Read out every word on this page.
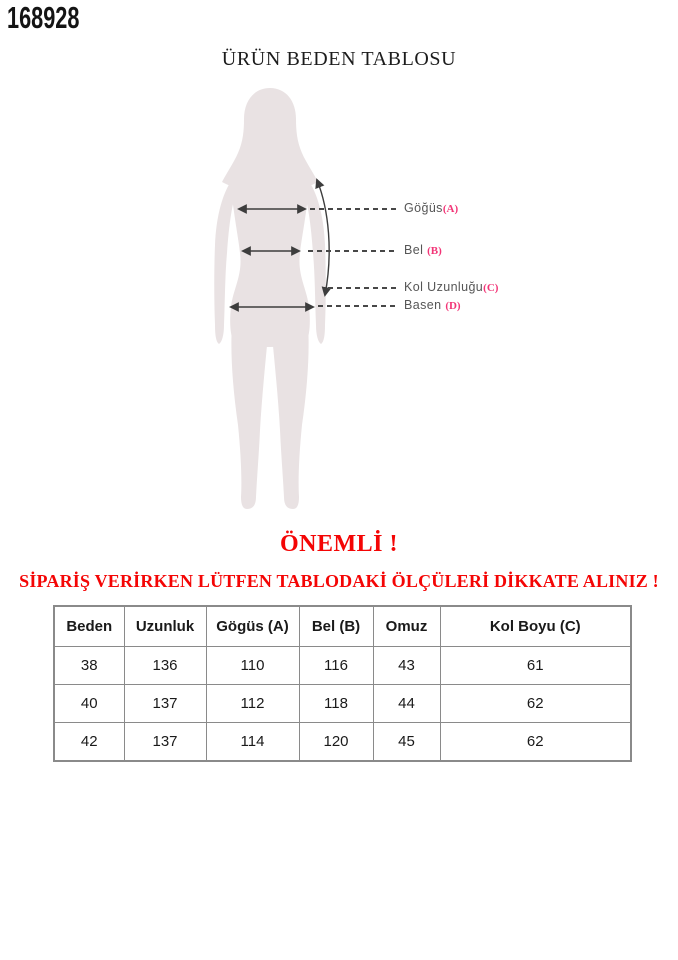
168928
ÜRÜN BEDEN TABLOSU
Göğüs(A)
Bel (B)
Kol Uzunluğu(C)
Basen (D)
ÖNEMLİ !
SİPARİŞ VERİRKEN LÜTFEN TABLODAKİ ÖLÇÜLERİ DİKKATE ALINIZ !
Beden	Uzunluk	Gögüs (A)	Bel (B)	Omuz	Kol Boyu (C)
38	136	110	116	43	61
40	137	112	118	44	62
42	137	114	120	45	62
